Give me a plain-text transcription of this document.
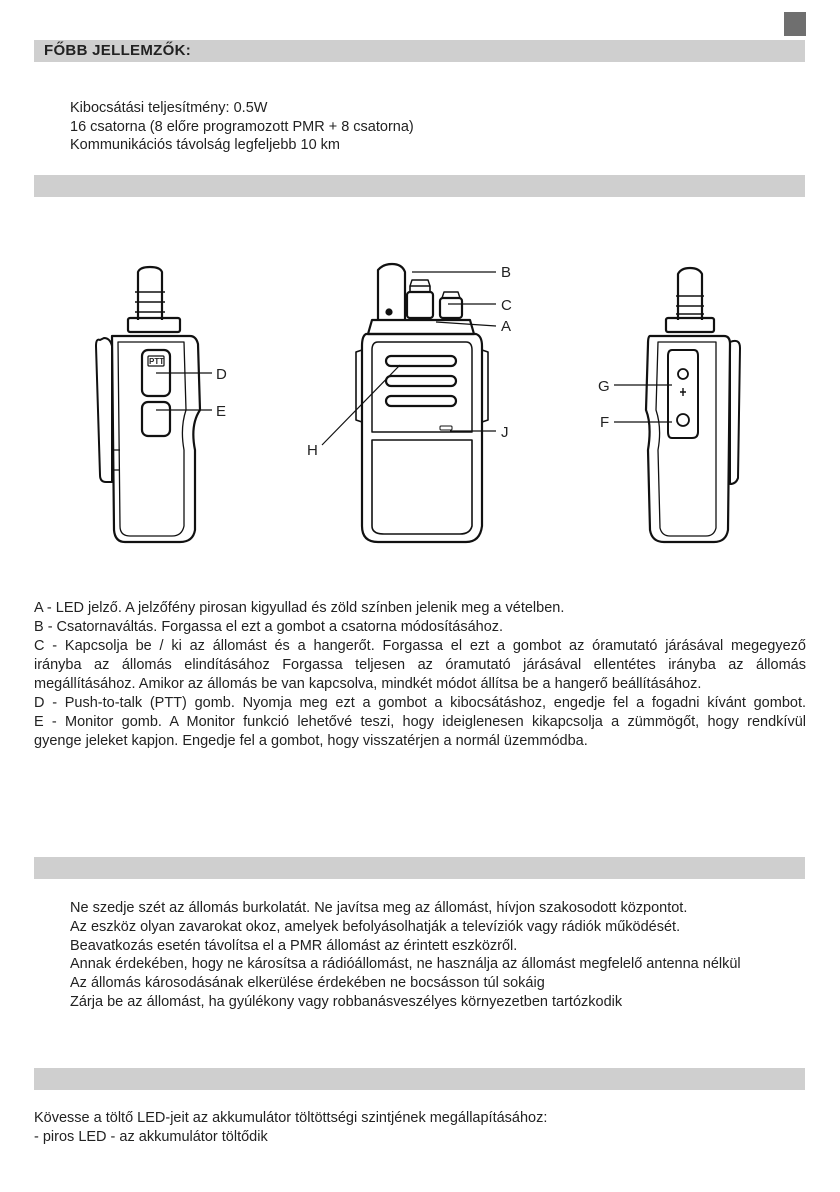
FŐBB JELLEMZŐK:
Kibocsátási teljesítmény: 0.5W
16 csatorna (8 előre programozott PMR + 8 csatorna)
Kommunikációs távolság legfeljebb 10 km
PTT
B
C
A
D
E
G
F
H
J
A - LED jelző. A jelzőfény pirosan kigyullad és zöld színben jelenik meg a vételben.
B - Csatornaváltás. Forgassa el ezt a gombot a csatorna módosításához.
C - Kapcsolja be / ki az állomást és a hangerőt. Forgassa el ezt a gombot az óramutató járásával megegyező
irányba az állomás elindításához Forgassa teljesen az óramutató járásával ellentétes irányba az állomás
megállításához. Amikor az állomás be van kapcsolva, mindkét módot állítsa be a hangerő beállításához.
D - Push-to-talk (PTT) gomb. Nyomja meg ezt a gombot a kibocsátáshoz, engedje fel a fogadni kívánt gombot.
E - Monitor gomb. A Monitor funkció lehetővé teszi, hogy ideiglenesen kikapcsolja a zümmögőt, hogy rendkívül
gyenge jeleket kapjon. Engedje fel a gombot, hogy visszatérjen a normál üzemmódba.
Ne szedje szét az állomás burkolatát. Ne javítsa meg az állomást, hívjon szakosodott központot.
Az eszköz olyan zavarokat okoz, amelyek befolyásolhatják a televíziók vagy rádiók működését.
Beavatkozás esetén távolítsa el a PMR állomást az érintett eszközről.
Annak érdekében, hogy ne károsítsa a rádióállomást, ne használja az állomást megfelelő antenna nélkül
Az állomás károsodásának elkerülése érdekében ne bocsásson túl sokáig
Zárja be az állomást, ha gyúlékony vagy robbanásveszélyes környezetben tartózkodik
Kövesse a töltő LED-jeit az akkumulátor töltöttségi szintjének megállapításához:
- piros LED - az akkumulátor töltődik
